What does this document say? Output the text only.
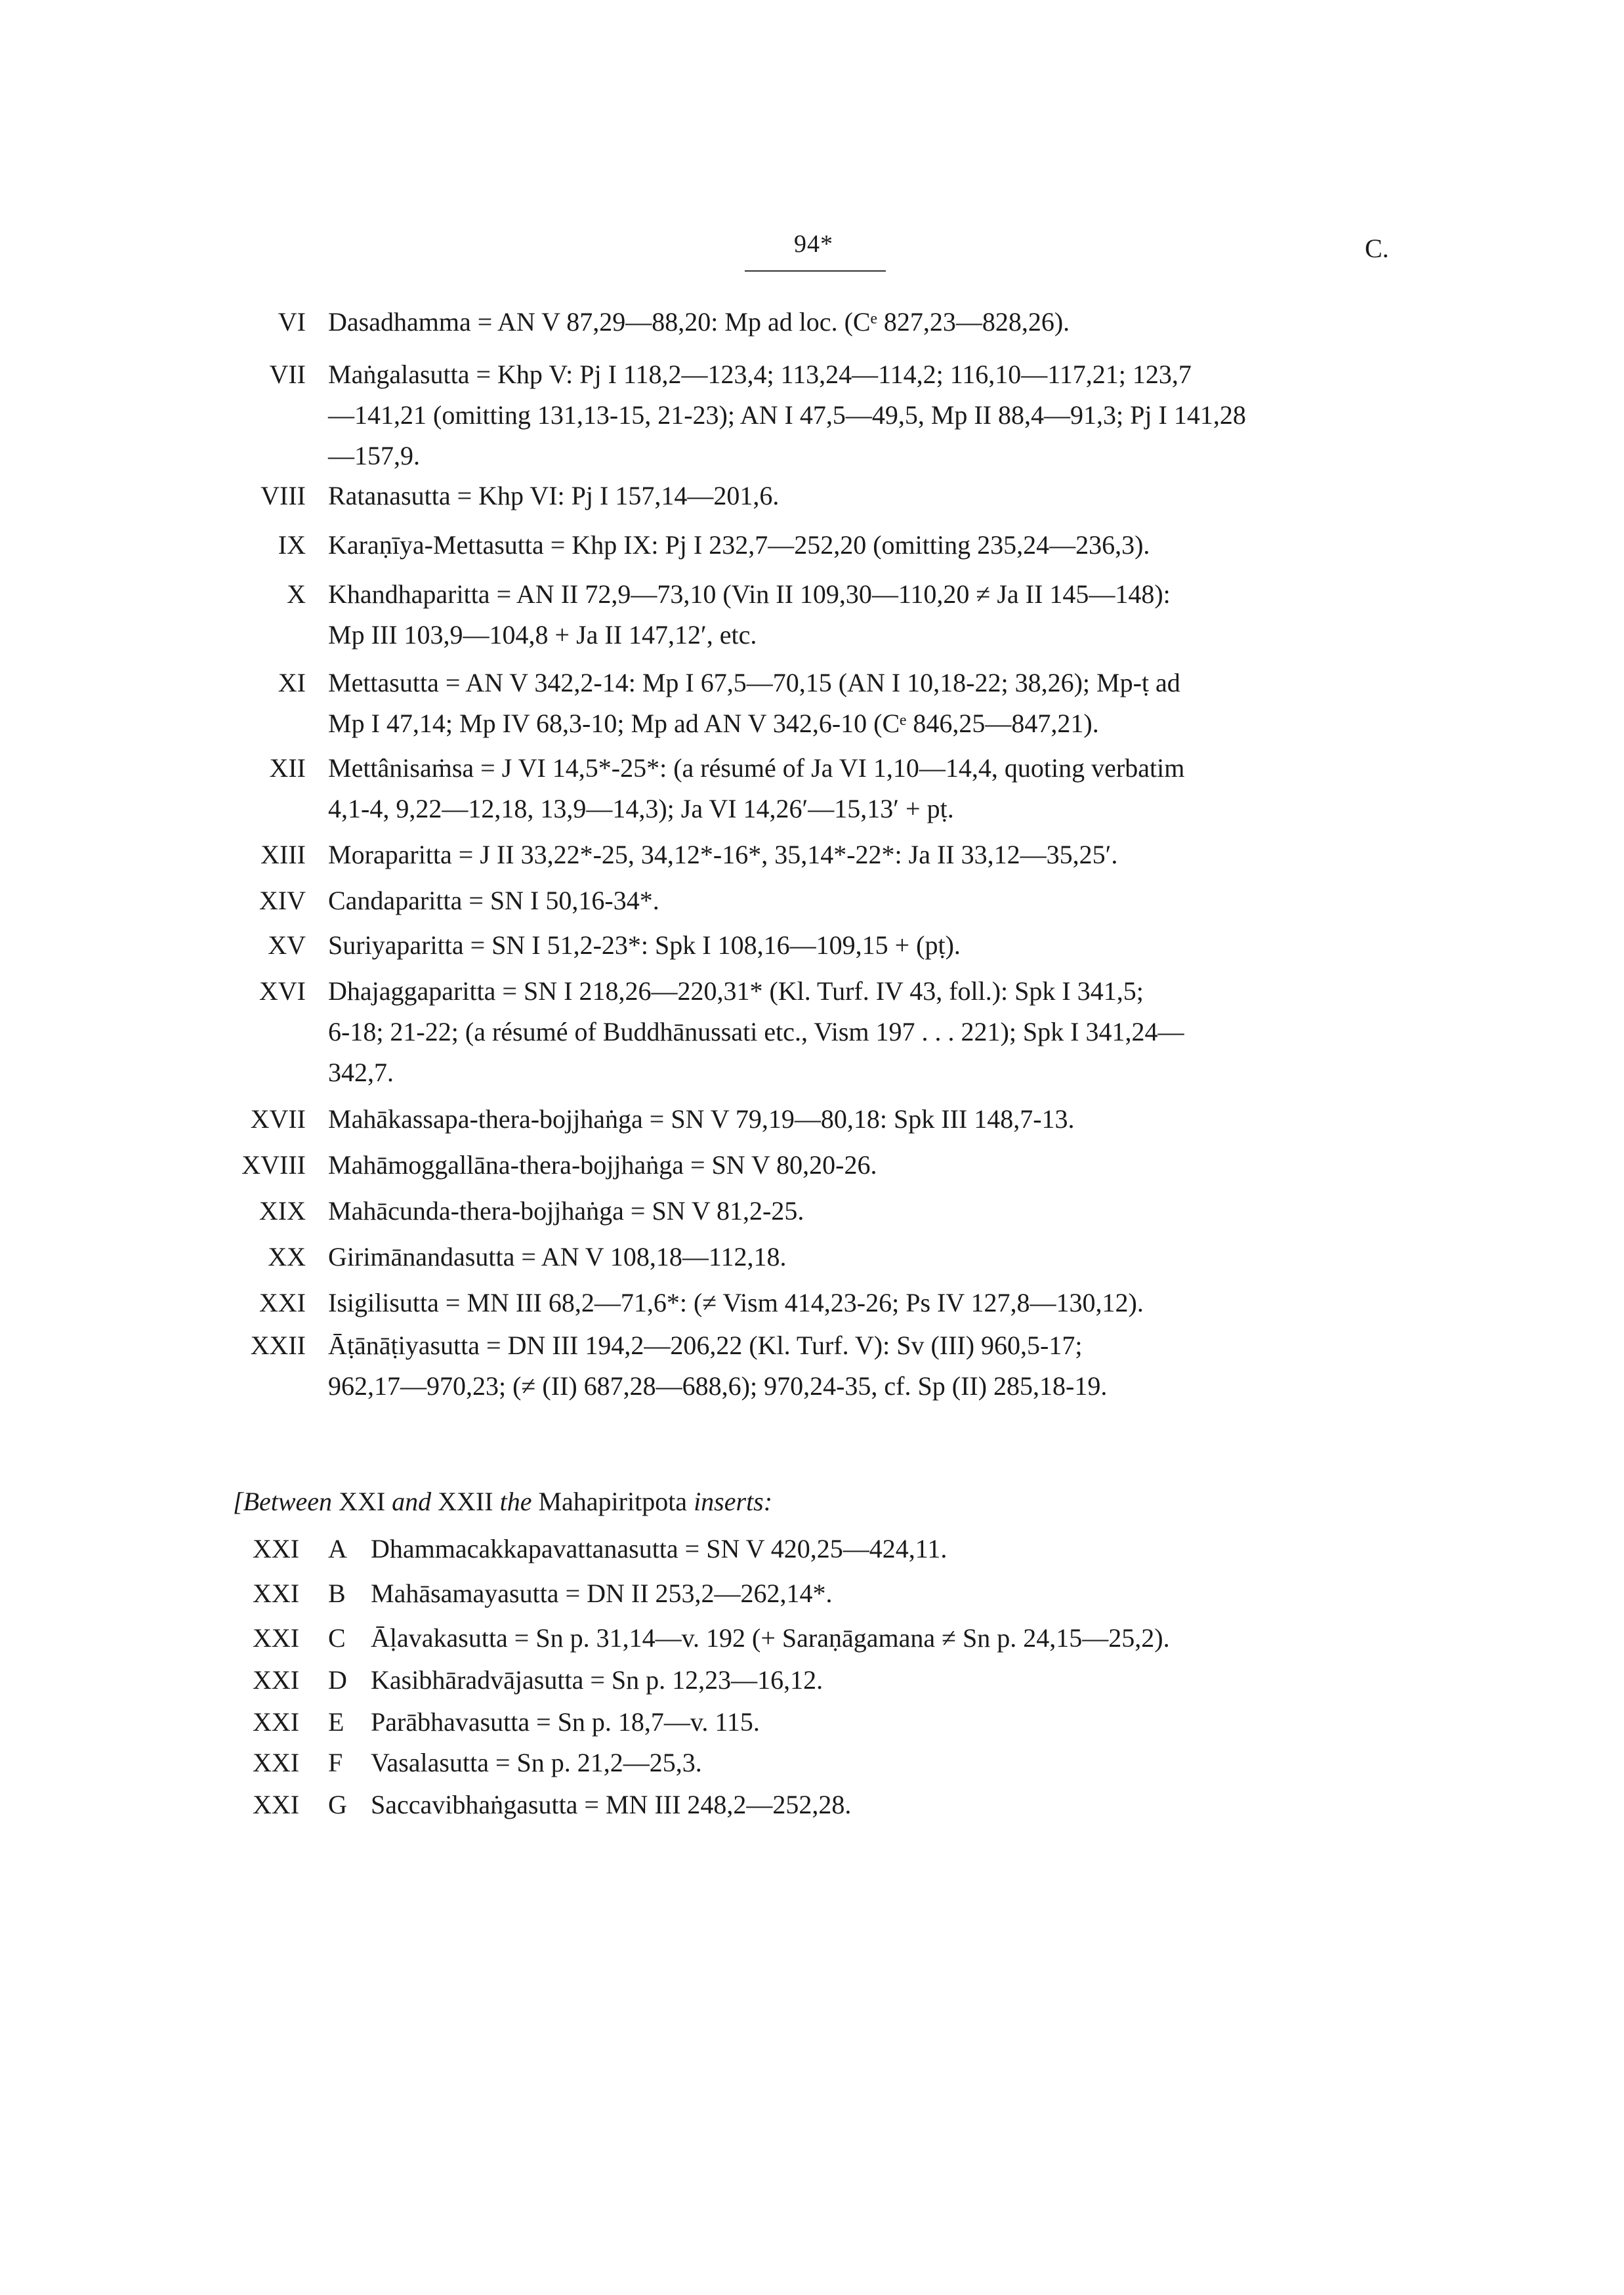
94*	C.
VI Dasadhamma = AN V 87,29—88,20: Mp ad loc. (Cᵉ 827,23—828,26).
VII Maṅgalasutta = Khp V: Pj I 118,2—123,4; 113,24—114,2; 116,10—117,21; 123,7
—141,21 (omitting 131,13-15, 21-23); AN I 47,5—49,5, Mp II 88,4—91,3; Pj I 141,28
—157,9.
VIII Ratanasutta = Khp VI: Pj I 157,14—201,6.
IX Karaṇīya-Mettasutta = Khp IX: Pj I 232,7—252,20 (omitting 235,24—236,3).
X Khandhaparitta = AN II 72,9—73,10 (Vin II 109,30—110,20 ≠ Ja II 145—148):
Mp III 103,9—104,8 + Ja II 147,12′, etc.
XI Mettasutta = AN V 342,2-14: Mp I 67,5—70,15 (AN I 10,18-22; 38,26); Mp-ṭ ad
Mp I 47,14; Mp IV 68,3-10; Mp ad AN V 342,6-10 (Cᵉ 846,25—847,21).
XII Mettânisaṁsa = J VI 14,5*-25*: (a résumé of Ja VI 1,10—14,4, quoting verbatim
4,1-4, 9,22—12,18, 13,9—14,3); Ja VI 14,26′—15,13′ + pṭ.
XIII Moraparitta = J II 33,22*-25, 34,12*-16*, 35,14*-22*: Ja II 33,12—35,25′.
XIV Candaparitta = SN I 50,16-34*.
XV Suriyaparitta = SN I 51,2-23*: Spk I 108,16—109,15 + (pṭ).
XVI Dhajaggaparitta = SN I 218,26—220,31* (Kl. Turf. IV 43, foll.): Spk I 341,5;
6-18; 21-22; (a résumé of Buddhānussati etc., Vism 197 . . . 221); Spk I 341,24—
342,7.
XVII Mahākassapa-thera-bojjhaṅga = SN V 79,19—80,18: Spk III 148,7-13.
XVIII Mahāmoggallāna-thera-bojjhaṅga = SN V 80,20-26.
XIX Mahācunda-thera-bojjhaṅga = SN V 81,2-25.
XX Girimānandasutta = AN V 108,18—112,18.
XXI Isigilisutta = MN III 68,2—71,6*: (≠ Vism 414,23-26; Ps IV 127,8—130,12).
XXII Āṭānāṭiyasutta = DN III 194,2—206,22 (Kl. Turf. V): Sv (III) 960,5-17;
962,17—970,23; (≠ (II) 687,28—688,6); 970,24-35, cf. Sp (II) 285,18-19.
[Between XXI and XXII the Mahapiritpota inserts:
XXI A Dhammacakkapavattanasutta = SN V 420,25—424,11.
XXI B Mahāsamayasutta = DN II 253,2—262,14*.
XXI C Āḷavakasutta = Sn p. 31,14—v. 192 (+ Saraṇāgamana ≠ Sn p. 24,15—25,2).
XXI D Kasibhāradvājasutta = Sn p. 12,23—16,12.
XXI E Parābhavasutta = Sn p. 18,7—v. 115.
XXI F Vasalasutta = Sn p. 21,2—25,3.
XXI G Saccavibhaṅgasutta = MN III 248,2—252,28.
